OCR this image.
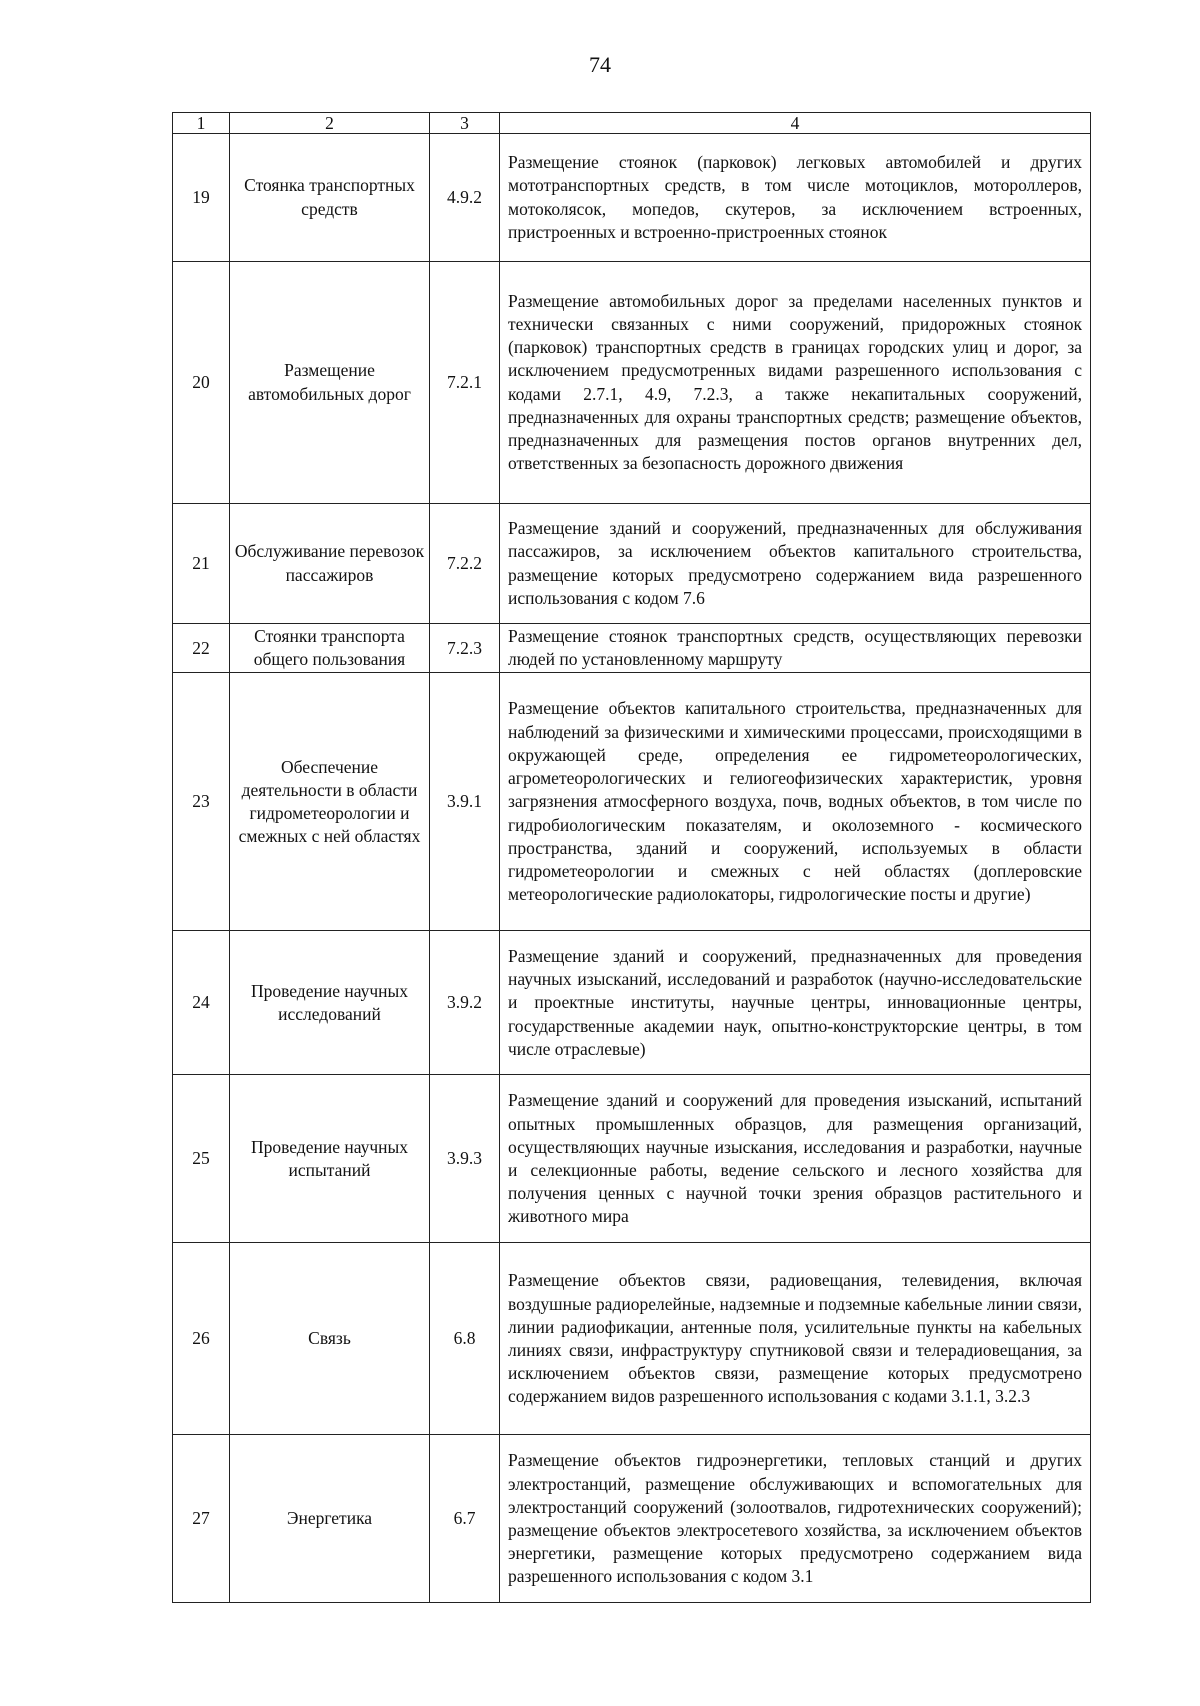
74
1	2	3	4
19	Стоянка транспортных средств	4.9.2	Размещение стоянок (парковок) легковых автомобилей и других мототранспортных средств, в том числе мотоциклов, мотороллеров, мотоколясок, мопедов, скутеров, за исключением встроенных, пристроенных и встроенно-пристроенных стоянок
20	Размещение автомобильных дорог	7.2.1	Размещение автомобильных дорог за пределами населенных пунктов и технически связанных с ними сооружений, придорожных стоянок (парковок) транспортных средств в границах городских улиц и дорог, за исключением предусмотренных видами разрешенного использования с кодами 2.7.1, 4.9, 7.2.3, а также некапитальных сооружений, предназначенных для охраны транспортных средств; размещение объектов, предназначенных для размещения постов органов внутренних дел, ответственных за безопасность дорожного движения
21	Обслуживание перевозок пассажиров	7.2.2	Размещение зданий и сооружений, предназначенных для обслуживания пассажиров, за исключением объектов капитального строительства, размещение которых предусмотрено содержанием вида разрешенного использования с кодом 7.6
22	Стоянки транспорта общего пользования	7.2.3	Размещение стоянок транспортных средств, осуществляющих перевозки людей по установленному маршруту
23	Обеспечение деятельности в области гидрометеорологии и смежных с ней областях	3.9.1	Размещение объектов капитального строительства, предназначенных для наблюдений за физическими и химическими процессами, происходящими в окружающей среде, определения ее гидрометеорологических, агрометеорологических и гелиогеофизических характеристик, уровня загрязнения атмосферного воздуха, почв, водных объектов, в том числе по гидробиологическим показателям, и околоземного - космического пространства, зданий и сооружений, используемых в области гидрометеорологии и смежных с ней областях (доплеровские метеорологические радиолокаторы, гидрологические посты и другие)
24	Проведение научных исследований	3.9.2	Размещение зданий и сооружений, предназначенных для проведения научных изысканий, исследований и разработок (научно-исследовательские и проектные институты, научные центры, инновационные центры, государственные академии наук, опытно-конструкторские центры, в том числе отраслевые)
25	Проведение научных испытаний	3.9.3	Размещение зданий и сооружений для проведения изысканий, испытаний опытных промышленных образцов, для размещения организаций, осуществляющих научные изыскания, исследования и разработки, научные и селекционные работы, ведение сельского и лесного хозяйства для получения ценных с научной точки зрения образцов растительного и животного мира
26	Связь	6.8	Размещение объектов связи, радиовещания, телевидения, включая воздушные радиорелейные, надземные и подземные кабельные линии связи, линии радиофикации, антенные поля, усилительные пункты на кабельных линиях связи, инфраструктуру спутниковой связи и телерадиовещания, за исключением объектов связи, размещение которых предусмотрено содержанием видов разрешенного использования с кодами 3.1.1, 3.2.3
27	Энергетика	6.7	Размещение объектов гидроэнергетики, тепловых станций и других электростанций, размещение обслуживающих и вспомогательных для электростанций сооружений (золоотвалов, гидротехнических сооружений); размещение объектов электросетевого хозяйства, за исключением объектов энергетики, размещение которых предусмотрено содержанием вида разрешенного использования с кодом 3.1
